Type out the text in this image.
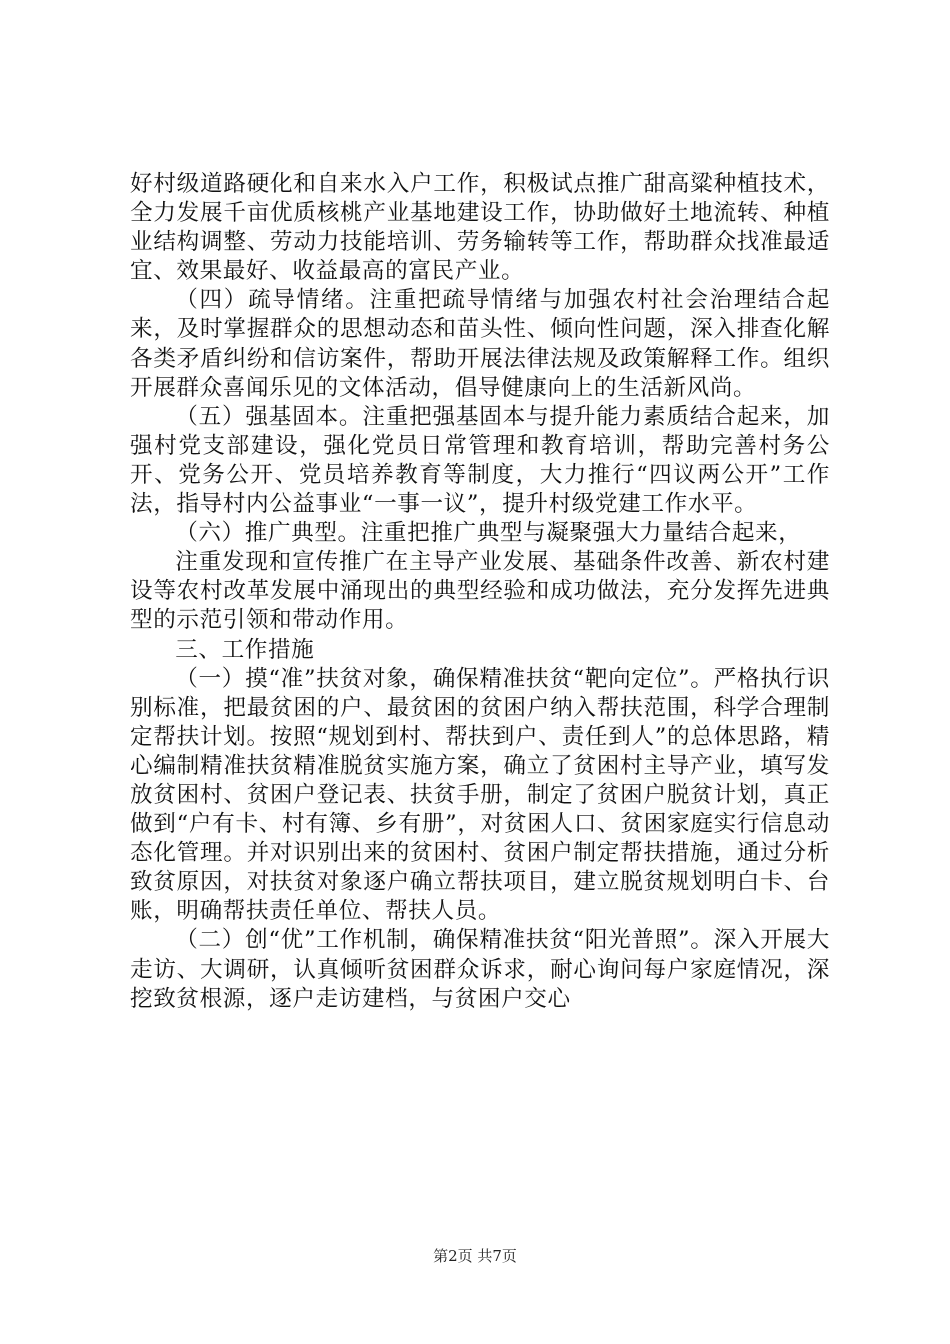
好村级道路硬化和自来水入户工作，积极试点推广甜高粱种植技术，全力发展千亩优质核桃产业基地建设工作，协助做好土地流转、种植业结构调整、劳动力技能培训、劳务输转等工作，帮助群众找准最适宜、效果最好、收益最高的富民产业。

（四）疏导情绪。注重把疏导情绪与加强农村社会治理结合起来，及时掌握群众的思想动态和苗头性、倾向性问题，深入排查化解各类矛盾纠纷和信访案件，帮助开展法律法规及政策解释工作。组织开展群众喜闻乐见的文体活动，倡导健康向上的生活新风尚。

（五）强基固本。注重把强基固本与提升能力素质结合起来，加强村党支部建设，强化党员日常管理和教育培训，帮助完善村务公开、党务公开、党员培养教育等制度，大力推行“四议两公开”工作法，指导村内公益事业“一事一议”，提升村级党建工作水平。

（六）推广典型。注重把推广典型与凝聚强大力量结合起来，

注重发现和宣传推广在主导产业发展、基础条件改善、新农村建设等农村改革发展中涌现出的典型经验和成功做法，充分发挥先进典型的示范引领和带动作用。

三、工作措施

（一）摸“准”扶贫对象，确保精准扶贫“靶向定位”。严格执行识别标准，把最贫困的户、最贫困的贫困户纳入帮扶范围，科学合理制定帮扶计划。按照“规划到村、帮扶到户、责任到人”的总体思路，精心编制精准扶贫精准脱贫实施方案，确立了贫困村主导产业，填写发放贫困村、贫困户登记表、扶贫手册，制定了贫困户脱贫计划，真正做到“户有卡、村有簿、乡有册”，对贫困人口、贫困家庭实行信息动态化管理。并对识别出来的贫困村、贫困户制定帮扶措施，通过分析致贫原因，对扶贫对象逐户确立帮扶项目，建立脱贫规划明白卡、台账，明确帮扶责任单位、帮扶人员。

（二）创“优”工作机制，确保精准扶贫“阳光普照”。深入开展大走访、大调研，认真倾听贫困群众诉求，耐心询问每户家庭情况，深挖致贫根源，逐户走访建档，与贫困户交心

第2页 共7页
